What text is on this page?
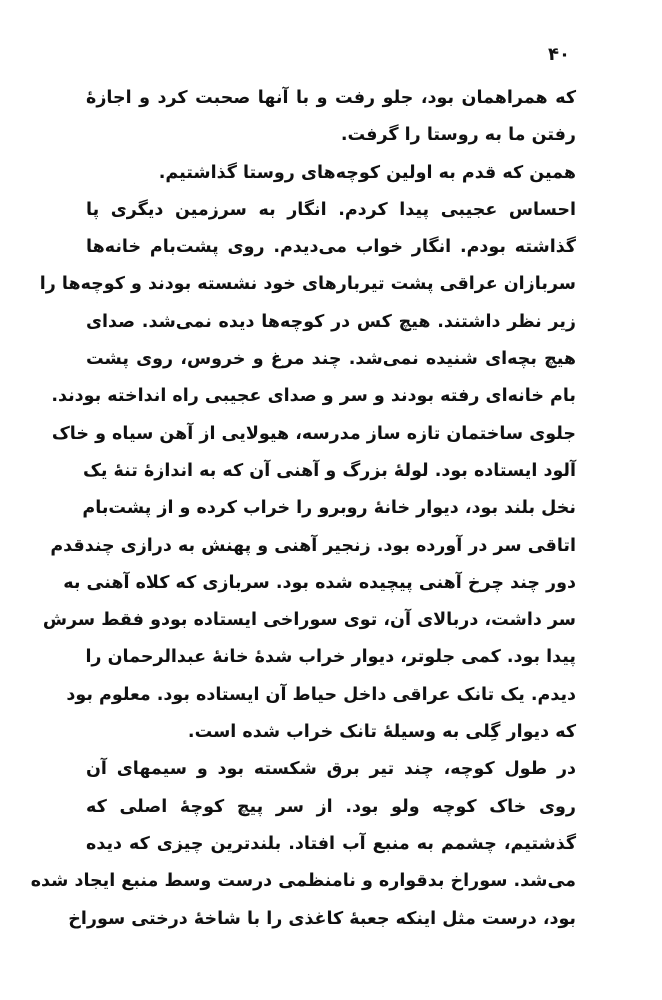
۴۰
که همراهمان بود، جلو رفت و با آنها صحبت کرد و اجازهٔ
رفتن ما به روستا را گرفت.
همین که قدم به اولین کوچه‌های روستا گذاشتیم.
احساس عجیبی پیدا کردم. انگار به سرزمین دیگری پا
گذاشته بودم. انگار خواب می‌دیدم. روی پشت‌بام خانه‌ها
سربازان عراقی پشت تیربارهای خود نشسته بودند و کوچه‌ها را
زیر نظر داشتند. هیچ کس در کوچه‌ها دیده نمی‌شد. صدای
هیچ بچه‌ای شنیده نمی‌شد. چند مرغ و خروس، روی پشت
بام خانه‌ای رفته بودند و سر و صدای عجیبی راه انداخته بودند.
جلوی ساختمان تازه ساز مدرسه، هیولایی از آهن سیاه و خاک
آلود ایستاده بود. لولهٔ بزرگ و آهنی آن که به اندازهٔ تنهٔ یک
نخل بلند بود، دیوار خانهٔ روبرو را خراب کرده و از پشت‌بام
اتاقی سر در آورده بود. زنجیر آهنی و پهنش به درازی چندقدم
دور چند چرخ آهنی پیچیده شده بود. سربازی که کلاه آهنی به
سر داشت، دربالای آن، توی سوراخی ایستاده بودو فقط سرش
پیدا بود. کمی جلوتر، دیوار خراب شدهٔ خانهٔ عبدالرحمان را
دیدم. یک تانک عراقی داخل حیاط آن ایستاده بود. معلوم بود
که دیوار گِلی به وسیلهٔ تانک خراب شده است.
در طول کوچه، چند تیر برق شکسته بود و سیمهای آن
روی خاک کوچه ولو بود. از سر پیچ کوچهٔ اصلی که
گذشتیم، چشمم به منبع آب افتاد. بلندترین چیزی که دیده
می‌شد. سوراخ بدقواره و نامنظمی درست وسط منبع ایجاد شده
بود، درست مثل اینکه جعبهٔ کاغذی را با شاخهٔ درختی سوراخ
